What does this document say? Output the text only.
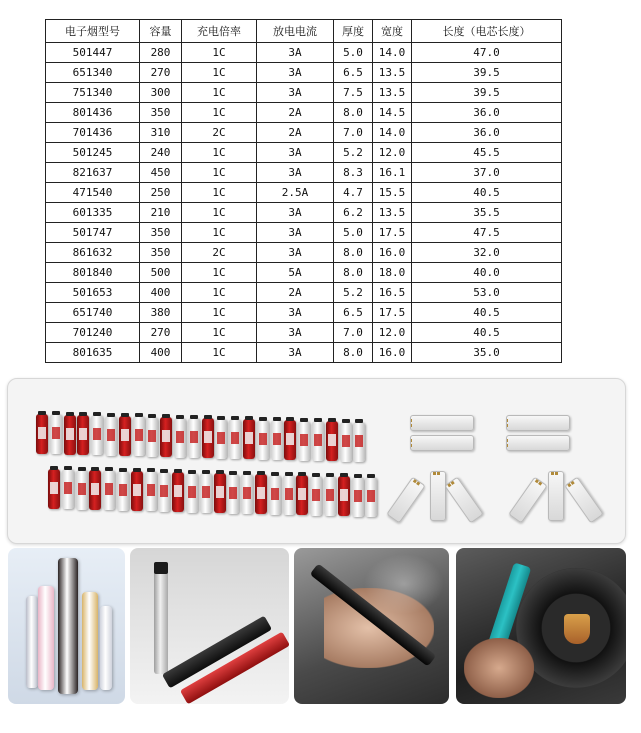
电子烟型号	容量	充电倍率	放电电流	厚度	宽度	长度（电芯长度）
501447	280	1C	3A	5.0	14.0	47.0
651340	270	1C	3A	6.5	13.5	39.5
751340	300	1C	3A	7.5	13.5	39.5
801436	350	1C	2A	8.0	14.5	36.0
701436	310	2C	2A	7.0	14.0	36.0
501245	240	1C	3A	5.2	12.0	45.5
821637	450	1C	3A	8.3	16.1	37.0
471540	250	1C	2.5A	4.7	15.5	40.5
601335	210	1C	3A	6.2	13.5	35.5
501747	350	1C	3A	5.0	17.5	47.5
861632	350	2C	3A	8.0	16.0	32.0
801840	500	1C	5A	8.0	18.0	40.0
501653	400	1C	2A	5.2	16.5	53.0
651740	380	1C	3A	6.5	17.5	40.5
701240	270	1C	3A	7.0	12.0	40.5
801635	400	1C	3A	8.0	16.0	35.0
